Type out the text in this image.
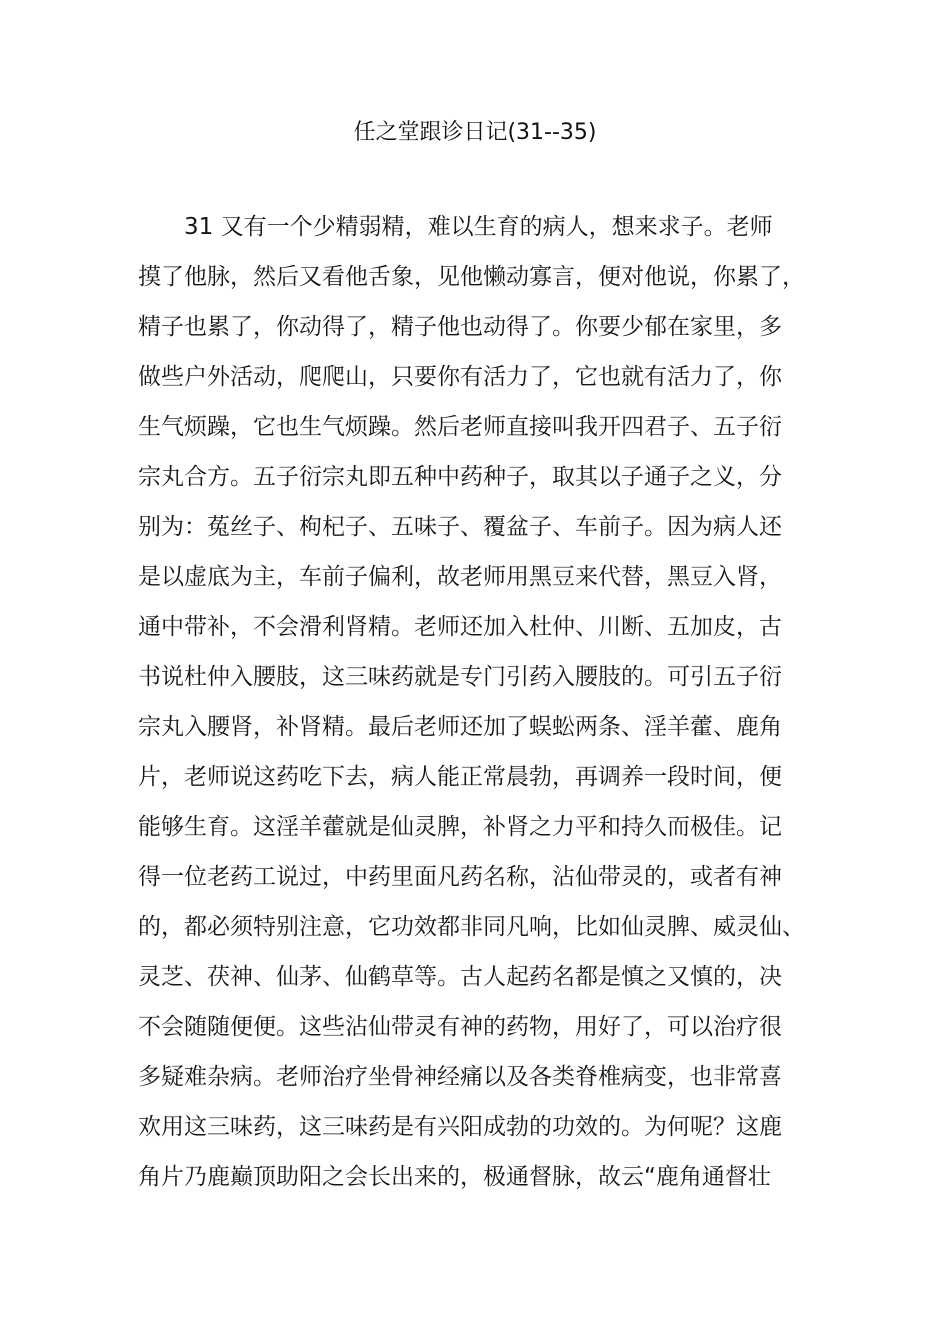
任之堂跟诊日记(31--35)
31 又有一个少精弱精，难以生育的病人，想来求子。老师
摸了他脉，然后又看他舌象，见他懒动寡言，便对他说，你累了，
精子也累了，你动得了，精子他也动得了。你要少郁在家里，多
做些户外活动，爬爬山，只要你有活力了，它也就有活力了，你
生气烦躁，它也生气烦躁。然后老师直接叫我开四君子、五子衍
宗丸合方。五子衍宗丸即五种中药种子，取其以子通子之义，分
别为：菟丝子、枸杞子、五味子、覆盆子、车前子。因为病人还
是以虚底为主，车前子偏利，故老师用黑豆来代替，黑豆入肾，
通中带补，不会滑利肾精。老师还加入杜仲、川断、五加皮，古
书说杜仲入腰肢，这三味药就是专门引药入腰肢的。可引五子衍
宗丸入腰肾，补肾精。最后老师还加了蜈蚣两条、淫羊藿、鹿角
片，老师说这药吃下去，病人能正常晨勃，再调养一段时间，便
能够生育。这淫羊藿就是仙灵脾，补肾之力平和持久而极佳。记
得一位老药工说过，中药里面凡药名称，沾仙带灵的，或者有神
的，都必须特别注意，它功效都非同凡响，比如仙灵脾、威灵仙、
灵芝、茯神、仙茅、仙鹤草等。古人起药名都是慎之又慎的，决
不会随随便便。这些沾仙带灵有神的药物，用好了，可以治疗很
多疑难杂病。老师治疗坐骨神经痛以及各类脊椎病变，也非常喜
欢用这三味药，这三味药是有兴阳成勃的功效的。为何呢？这鹿
角片乃鹿巅顶助阳之会长出来的，极通督脉，故云“鹿角通督壮
